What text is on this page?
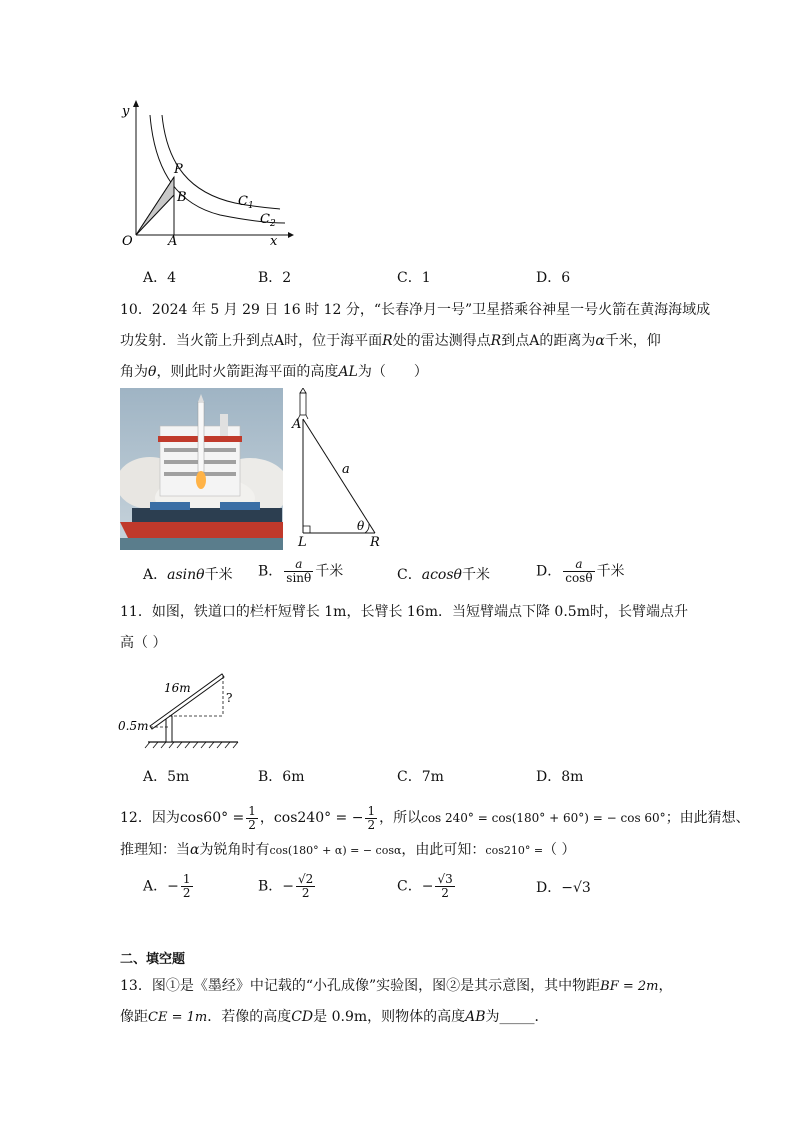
y
x
O	A
P
B	$C_1$
$C_2$
A．4	B．2	C．1	D．6
10．2024 年 5 月 29 日 16 时 12 分，“长春净月一号”卫星搭乘谷神星一号火箭在黄海海域成
功发射．当火箭上升到点A时，位于海平面R处的雷达测得点R到点A的距离为α千米，仰
角为θ，则此时火箭距海平面的高度AL为（　　）
A
a
θ
L	R
A．asinθ千米 B． $\frac{a}{\sin\theta}$ 千米	C．acosθ千米	D． $\frac{a}{\cos\theta}$ 千米
11．如图，铁道口的栏杆短臂长 1m，长臂长 16m．当短臂端点下降 0.5m时，长臂端点升
高（ ）
16m
0.5m
?
A．5m	B．6m	C．7m	D．8m
12．因为$\cos 60^\circ = \frac{1}{2}$ ，cos240° = − $\frac{1}{2}$ ，所以cos 240° = cos(180° + 60°) = − cos 60°；由此猜想、
推理知：当α为锐角时有cos(180° + α) = − cosα，由此可知：cos210° =（ ）
A．− $\frac{1}{2}$	B．− $\frac{√2}{2}$	C．− $\frac{√3}{2}$	D．−√3
二、填空题
13．图①是《墨经》中记载的“小孔成像”实验图，图②是其示意图，其中物距BF = 2m，
像距CE = 1m．若像的高度CD是 0.9m，则物体的高度AB为_____．
